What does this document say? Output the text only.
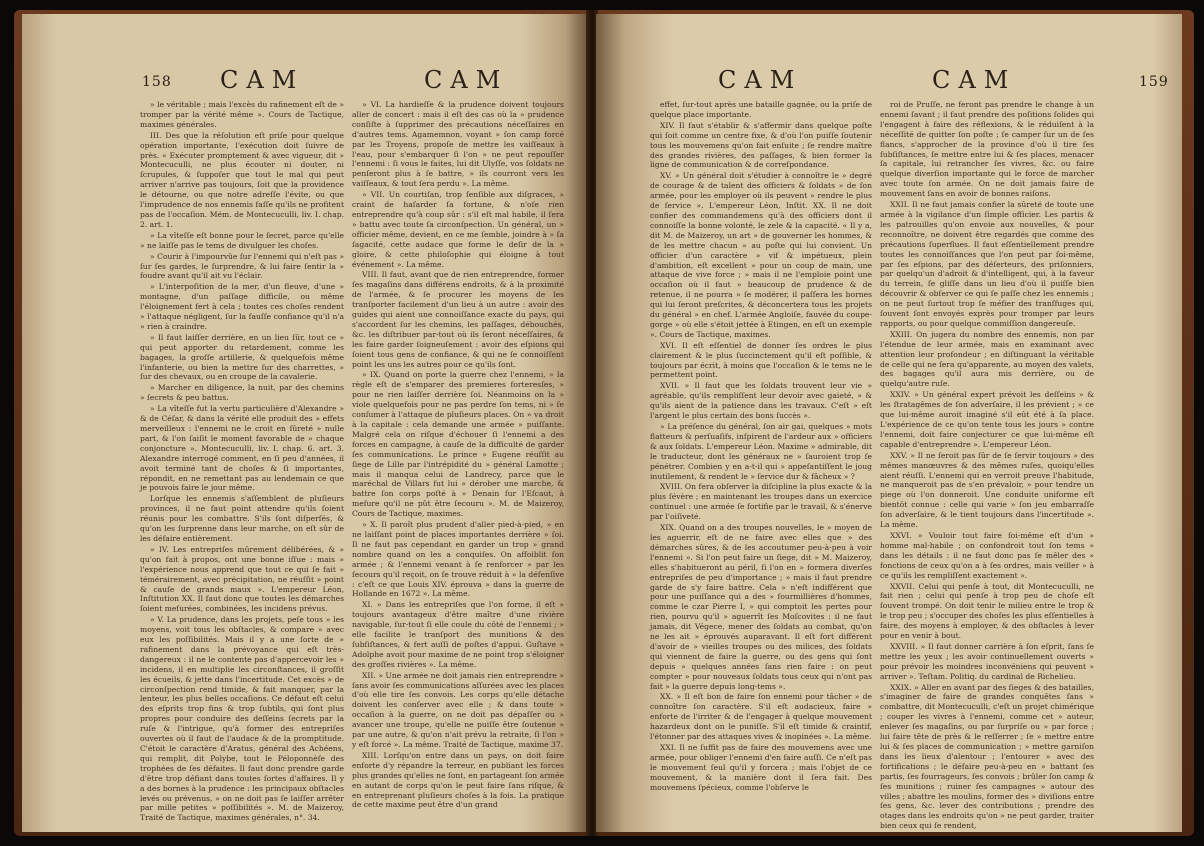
158 CAM	CAM

» le véritable ; mais l'excès du rafinement eſt de » tromper par la vérité même ». Cours de Tactique, maximes générales.

III. Des que la réſolution eſt priſe pour quelque opération importante, l'exécution doit ſuivre de près. « Exécuter promptement & avec vigueur, dit » Montecuculli, ne plus écouter ni douter, ni ſcrupules, & ſuppoſer que tout le mal qui peut arriver n'arrive pas toujours, ſoit que la providence le détourne, ou que notre adreſſe l'évite, ou que l'imprudence de nos ennemis faſſe qu'ils ne profitent pas de l'occaſion. Mém. de Montecuculli, liv. I. chap. 2. art. 1.

» La vîteſſe eſt bonne pour le ſecret, parce qu'elle » ne laiſſe pas le tems de divulguer les choſes.

» Courir à l'impourvûe ſur l'ennemi qui n'eſt pas » ſur ſes gardes, le ſurprendre, & lui faire ſentir la » foudre avant qu'il ait vu l'éclair.

» L'interpoſition de la mer, d'un fleuve, d'une » montagne, d'un paſſage difficile, ou même l'éloignement fert à cela ; toutes ces choſes rendent » l'attaque négligent, ſur la fauſſe confiance qu'il n'a » rien à craindre.

» Il faut laiſſer derrière, en un lieu ſûr, tout ce » qui peut apporter du retardement, comme les bagages, la groſſe artillerie, & quelquefois même l'infanterie, ou bien la mettre ſur des charrettes, » ſur des chevaux, ou en croupe de la cavalerie.

» Marcher en diligence, la nuit, par des chemins » ſecrets & peu battus.

» La vîteſſe fut la vertu particulière d'Alexandre » & de Céſar, & dans la vérité elle produit des » effets merveilleux : l'ennemi ne le croit en ſûreté » nulle part, & l'on ſaiſit le moment favorable de » chaque conjoncture ». Montecuculli, liv. I. chap. 6. art. 3. Alexandre interrogé comment, en ſi peu d'années, il avoit terminé tant de choſes & ſi importantes, répondit, en ne remettant pas au lendemain ce que je pouvois faire le jour même.

Lorſque les ennemis s'aſſemblent de pluſieurs provinces, il ne faut point attendre qu'ils ſoient réunis pour les combattre. S'ils ſont diſperſés, & qu'on les ſurprenne dans leur marche, on eſt sûr de les défaire entièrement.

» IV. Les entrepriſes mûrement délibérées, & » qu'on fait à propos, ont une bonne iſſue : mais » l'expérience nous apprend que tout ce qui ſe fait » témérairement, avec précipitation, ne réuſſit » point & cauſe de grands maux ». L'empereur Léon, Inſtitution XX. Il faut donc que toutes les démarches ſoient meſurées, combinées, les incidens prévus.

» V. La prudence, dans les projets, peſe tous » les moyens, voit tous les obſtacles, & compare » avec eux les poſſibilités. Mais il y a une ſorte de » rafinement dans la prévoyance qui eſt très-dangereux : il ne le contente pas d'appercevoir les » incidens, il en multiplie les circonſtances, il groſſit les écueils, & jette dans l'incertitude. Cet excès » de circonſpection rend timide, & fait manquer, par la lenteur, les plus belles occaſions. Ce défaut eſt celui des eſprits trop fins & trop ſubtils, qui ſont plus propres pour conduire des deſſeins ſecrets par la ruſe & l'intrigue, qu'à former des entrepriſes ouvertes où il faut de l'audace & de la promptitude. C'étoit le caractère d'Aratus, général des Achéens, qui remplit, dit Polybe, tout le Péloponnèſe des trophées de ſes défaites. Il faut donc prendre garde d'être trop défiant dans toutes ſortes d'affaires. Il y a des bornes à la prudence : les principaux obſtacles levés ou prévenus, » on ne doit pas ſe laiſſer arrêter par mille petites » poſſibilités ». M. de Maizeroy, Traité de Tactique, maximes générales, n°. 34.

» VI. La hardieſſe & la prudence doivent toujours aller de concert : mais il eſt des cas où la » prudence conſiſte à ſupprimer des précautions néceſſaires en d'autres tems. Agamemnon, voyant » ſon camp forcé par les Troyens, propoſe de mettre les vaiſſeaux à l'eau, pour s'embarquer ſi l'on » ne peut repouſſer l'ennemi : ſi vous le faites, lui dit Ulyſſe, vos ſoldats ne penſeront plus à ſe battre, » ils courront vers les vaiſſeaux, & tout ſera perdu ». La même.

» VII. Un courtiſan, trop ſenſible aux diſgraces, » craint de haſarder ſa fortune, & n'oſe rien entreprendre qu'à coup sûr : s'il eſt mal habile, il ſera » battu avec toute ſa circonſpection. Un général, un » officier même, devient, en ce me ſemble, joindre à » ſa ſagacité, cette audace que forme le deſir de la » gloire, & cette philoſophie qui éloigne à tout événement ». La même.

VIII. Il faut, avant que de rien entreprendre, former ſes magaſins dans différens endroits, & à la proximité de l'armée, & ſe procurer les moyens de les tranſporter facilement d'un lieu à un autre : avoir des guides qui aient une connoiſſance exacte du pays, qui s'accordent ſur les chemins, les paſſages, débouchés, &c. les diſtribuer par-tout où ils ſeront néceſſaires, & les faire garder ſoigneuſement : avoir des eſpions qui ſoient tous gens de confiance, & qui ne ſe connoiſſent point les uns les autres pour ce qu'ils ſont.

» IX. Quand on porte la guerre chez l'ennemi, » la règle eſt de s'emparer des premieres forteresſes, » pour ne rien laiſſer derrière ſoi. Néanmoins on la » viole quelquefois pour ne pas perdre ſon tems, ni » ſe conſumer à l'attaque de pluſieurs places. On » va droit à la capitale : cela demande une armée » puiſſante. Malgré cela on riſque d'échouer ſi l'ennemi a des forces en campagne, à cauſe de la difficulté de garder ſes communications. Le prince » Eugene réuſſit au ſiege de Lille par l'intrépidité du » général Lamotte ; mais il manqua celui de Landrecy, parce que le maréchal de Villars fut lui » dérober une marche, & battre ſon corps poſté à » Denain ſur l'Eſcaut, à meſure qu'il ne pût être ſecouru ». M. de Maizeroy, Cours de Tactique, maximes.

» X. Il paroît plus prudent d'aller pied-à-pied, » en ne laiſſant point de places importantes derrière » ſoi. Il ne faut pas cependant en garder un trop » grand nombre quand on les a conquiſes. On affoiblit ſon armée ; & l'ennemi venant à ſe renforcer » par les ſecours qu'il reçoit, on ſe trouve réduit à » la défenſive : c'eſt ce que Louis XIV. éprouva » dans la guerre de Hollande en 1672 ». La même.

XI. » Dans les entrepriſes que l'on forme, il eſt » toujours avantageux d'être maître d'une rivière navigable, ſur-tout ſi elle coule du côté de l'ennemi ; » elle facilite le tranſport des munitions & des ſubſiſtances, & fert auſſi de poſtes d'appui. Guſtave » Adolphe avoit pour maxime de ne point trop s'éloigner des groſſes rivières ». La même.

XII. » Une armée ne doit jamais rien entreprendre » ſans avoir ſes communications aſſurées avec les places d'où elle tire ſes convois. Les corps qu'elle détache doivent les conſerver avec elle ; & dans toute » occaſion à la guerre, on ne doit pas dépaſſer ou » avancer une troupe, qu'elle ne puiſſe être ſoutenue » par une autre, & qu'on n'ait prévu la retraite, ſi l'on » y eſt forcé ». La même. Traité de Tactique, maxime 37.

XIII. Lorſqu'on entre dans un pays, on doit faire enforte d'y répandre la terreur, en publiant les forces plus grandes qu'elles ne ſont, en partageant ſon armée en autant de corps qu'on le peut faire ſans riſque, & en entreprenant pluſieurs choſes à la fois. La pratique de cette maxime peut être d'un grand

CAM	CAM	159

effet, ſur-tout après une bataille gagnée, ou la priſe de quelque place importante.

XIV. Il faut s'établir & s'affermir dans quelque poſte qui ſoit comme un centre fixe, & d'où l'on puiſſe ſoutenir tous les mouvemens qu'on fait enſuite ; ſe rendre maître des grandes rivières, des paſſages, & bien former la ligne de communication & de correſpondance.

XV. » Un général doit s'étudier à connoître le » degré de courage & de talent des officiers & ſoldats » de ſon armée, pour les employer où ils peuvent » rendre le plus de ſervice ». L'empereur Léon, Inſtit. XX. Il ne doit confier des commandemens qu'à des officiers dont il connoiſſe la bonne volonté, le zele & la capacité. « Il y a, dit M. de Maizeroy, un art » de gouverner les hommes, & de les mettre chacun » au poſte qui lui convient. Un officier d'un caractère » vif & impétueux, plein d'ambition, eſt excellent » pour un coup de main, une attaque de vive force ; » mais il ne l'emploie point une occaſion où il faut » beaucoup de prudence & de retenue, il ne pourra » ſe modérer, il paſſera les bornes qui lui ſeront preſcrites, & déconcertera tous les projets du général » en chef. L'armée Angloiſe, fauvée du coupe-gorge » où elle s'étoit jettée à Etingen, en eſt un exemple ». Cours de Tactique, maximes.

XVI. Il eſt eſſentiel de donner ſes ordres le plus clairement & le plus ſuccinctement qu'il eſt poſſible, & toujours par écrit, à moins que l'occaſion & le tems ne le permettent point.

XVII. » Il faut que les ſoldats trouvent leur vie » agréable, qu'ils rempliſſent leur devoir avec gaieté, » & qu'ils aient de la patience dans les travaux. C'eſt » eſt l'argent le plus certain des bons ſuccès ».

» La préſence du général, ſon air gai, quelques » mots flatteurs & perſuaſifs, inſpirent de l'ardeur aux » officiers & aux ſoldats. L'empereur Léon. Maxime » admirable, dit le traducteur, dont les généraux ne » ſauroient trop ſe pénétrer. Combien y en a-t-il qui » appeſantiſſent le joug inutilement, & rendent le » ſervice dur & fâcheux » ?

XVIII. On fera obſerver la diſcipline la plus exacte & la plus ſévère ; en maintenant les troupes dans un exercice continuel : une armée ſe fortifie par le travail, & s'énerve par l'oiſiveté.

XIX. Quand on a des troupes nouvelles, le » moyen de les aguerrir, eſt de ne faire avec elles que » des démarches sûres, & de les accoutumer peu-à-peu à voir l'ennemi ». Si l'on peut faire un ſiege, dit » M. Maizeroy, elles s'habitueront au péril, ſi l'on en » formera diverſes entrepriſes de peu d'importance ; » mais il faut prendre garde de s'y faire battre. Cela » n'eſt indifférent que pour une puiſſance qui a des » fourmillières d'hommes, comme le czar Pierre I, » qui comptoit les pertes pour rien, pourvu qu'il » aguerrît ſes Moſcovites : il ne faut jamais, dit Végece, mener des ſoldats au combat, qu'on ne les ait » éprouvés auparavant. Il eſt fort différent d'avoir de » vieilles troupes ou des milices, des ſoldats qui viennent de faire la guerre, ou des gens qui ſont depuis » quelques années ſans rien faire : on peut compter » pour nouveaux ſoldats tous ceux qui n'ont pas fait » la guerre depuis long-tems ».

XX. » Il eſt bon de faire ſon ennemi pour tâcher » de connoître ſon caractère. S'il eſt audacieux, faire » enforte de l'irriter & de l'engager à quelque mouvement hazardeux dont on le puniſſe. S'il eſt timide & craintif, l'étonner par des attaques vives & inopinées ». La même.

XXI. Il ne ſuffit pas de faire des mouvemens avec une armée, pour obliger l'ennemi d'en faire auſſi. Ce n'eſt pas le mouvement ſeul qu'il y forcera ; mais l'objet de ce mouvement, & la manière dont il ſera fait. Des mouvemens ſpécieux, comme l'obſerve le

roi de Pruſſe, ne feront pas prendre le change à un ennemi ſavant ; il faut prendre des poſitions ſolides qui l'engagent à faire des réflexions, & le réduiſent à la néceſſité de quitter ſon poſte ; ſe camper ſur un de ſes flancs, s'approcher de la province d'où il tire ſes ſubſiſtances, ſe mettre entre lui & ſes places, menacer ſa capitale, lui retrancher ſes vivres, &c. ou faire quelque diverſion importante qui le force de marcher avec toute ſon armée. On ne doit jamais faire de mouvement ſans en avoir de bonnes raiſons.

XXII. Il ne faut jamais confier la sûreté de toute une armée à la vigilance d'un ſimple officier. Les partis & les patrouilles qu'on envoie aux nouvelles, & pour reconnoître, ne doivent être regardés que comme des précautions ſuperflues. Il faut eſſentiellement prendre toutes les connoiſſances que l'on peut par ſoi-même, par ſes eſpions, par des déſerteurs, des priſonniers, par quelqu'un d'adroit & d'intelligent, qui, à la faveur du terrein, ſe gliſſe dans un lieu d'où il puiſſe bien découvrir & obſerver ce qui ſe paſſe chez les ennemis ; on ne peut ſurtout trop ſe méfier des tranſfuges qui, ſouvent ſont envoyés exprès pour tromper par leurs rapports, ou pour quelque commiſſion dangereuſe.

XXIII. On jugera du nombre des ennemis, non par l'étendue de leur armée, mais en examinant avec attention leur profondeur ; en diſtinguant la véritable de celle qui ne ſera qu'apparente, au moyen des valets, des bagages qu'il aura mis derrière, ou de quelqu'autre ruſe.

XXIV. » Un général expert prévoit les deſſeins » & les ſtratagêmes de ſon adverſaire, il les prévient ; » ce que lui-même auroit imaginé s'il eût été à ſa place. L'expérience de ce qu'on tente tous les jours » contre l'ennemi, doit faire conjecturer ce que lui-même eſt capable d'entreprendre ». L'empereur Léon.

XXV. » Il ne ſeroit pas ſûr de ſe ſervir toujours » des mêmes manœuvres & des mêmes ruſes, quoiqu'elles aient réuſſi. L'ennemi qui en verroit preuve l'habitude, ne manqueroit pas de s'en prévaloir, » pour tendre un piege où l'on donneroit. Une conduite uniforme eſt bientôt connue : celle qui varie » ſon jeu embarraſſe ſon adverſaire, & le tient toujours dans l'incertitude ». La même.

XXVI. » Vouloir tout faire ſoi-même eſt d'un » homme mal-habile ; on confondroit tout ſon tems » dans les détails : il ne faut donc pas ſe mêler des » fonctions de ceux qu'on a à ſes ordres, mais veiller » à ce qu'ils les rempliſſent exactement ».

XXVII. Celui qui penſe à tout, dit Montecuculli, ne fait rien ; celui qui penſe à trop peu de choſe eſt ſouvent trompé. On doit tenir le milieu entre le trop & le trop peu ; s'occuper des choſes les plus eſſentielles à faire, des moyens à employer, & des obſtacles à lever pour en venir à bout.

XXVIII. » Il faut donner carrière à ſon eſprit, ſans ſe mettre les yeux ; les avoir continuellement ouverts » pour prévoir les moindres inconvéniens qui peuvent » arriver ». Teſtam. Politiq. du cardinal de Richelieu.

XXIX. » Aller en avant par des ſieges & des batailles, s'imaginer de faire de grandes conquêtes ſans » combattre, dit Montecuculli, c'eſt un projet chimérique ; couper les vivres à l'ennemi, comme cet » auteur, enlever ſes magaſins, ou par ſurpriſe ou » par force ; lui faire tête de près & le reſſerrer ; ſe » mettre entre lui & ſes places de communication ; » mettre garniſon dans les lieux d'alentour ; l'entourer » avec des fortifications ; le défaire peu-à-peu en » battant ſes partis, ſes fourrageurs, ſes convois ; brûler ſon camp & ſes munitions ; ruiner ſes campagnes » autour des villes ; abattre les moulins, former des » diviſions entre ſes gens, &c. lever des contributions ; prendre des otages dans les endroits qu'on » ne peut garder, traiter bien ceux qui ſe rendent,
